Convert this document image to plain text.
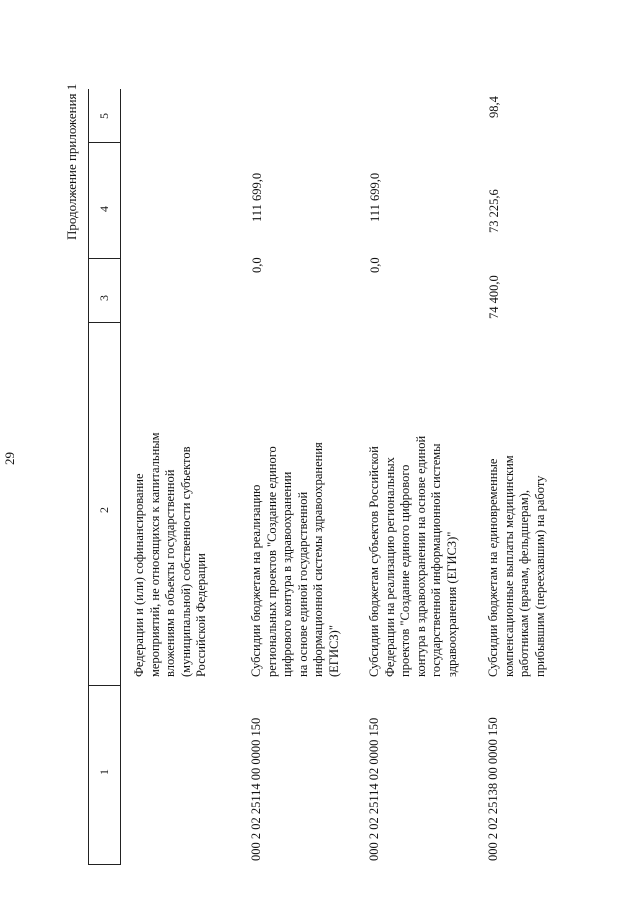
29
Продолжение приложения 1
1
2
3
4
5
Федерации и (или) софинансирование мероприятий, не относящихся к капитальным вложениям в объекты государственной (муниципальной) собственности субъектов Российской Федерации
000 2 02 25114 00 0000 150
Субсидии бюджетам на реализацию региональных проектов "Создание единого цифрового контура в здравоохранении на основе единой государственной информационной системы здравоохранения (ЕГИСЗ)"
0,0
111 699,0
000 2 02 25114 02 0000 150
Субсидии бюджетам субъектов Российской Федерации на реализацию региональных проектов "Создание единого цифрового контура в здравоохранении на основе единой государственной информационной системы здравоохранения (ЕГИСЗ)"
0,0
111 699,0
000 2 02 25138 00 0000 150
Субсидии бюджетам на единовременные компенсационные выплаты медицинским работникам (врачам, фельдшерам), прибывшим (переехавшим) на работу
74 400,0
73 225,6
98,4
